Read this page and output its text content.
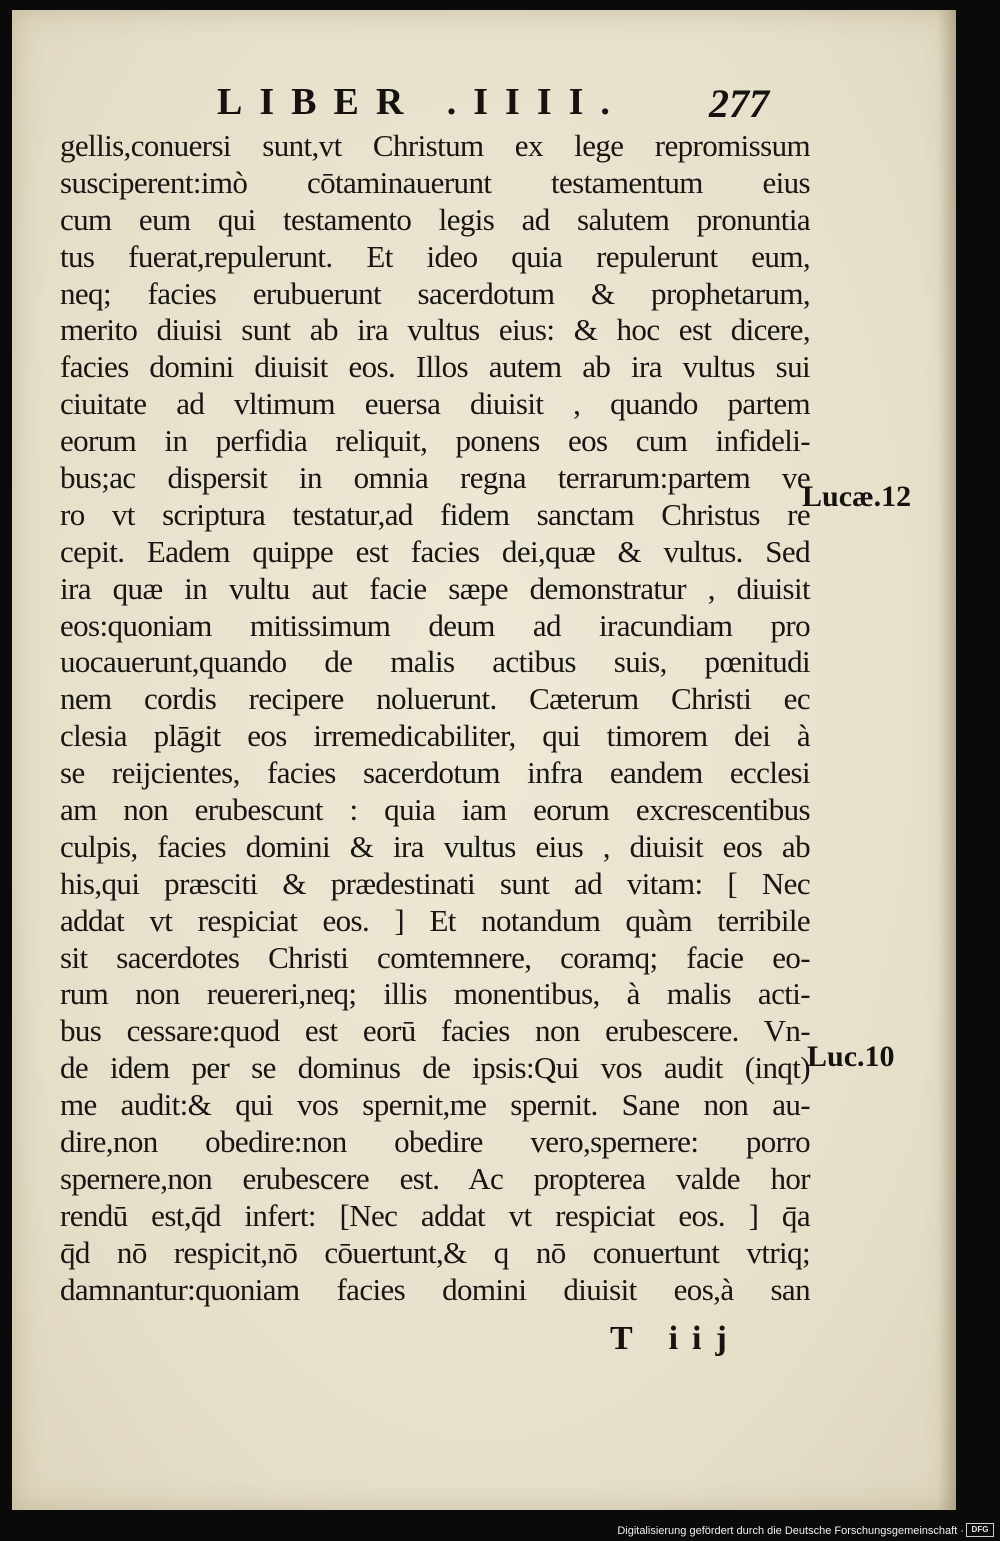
LIBER .IIII. 277
gellis,conuersi sunt,vt Christum ex lege repromissum
susciperent:imò cōtaminauerunt testamentum eius
cum eum qui testamento legis ad salutem pronuntia
tus fuerat,repulerunt. Et ideo quia repulerunt eum,
neq; facies erubuerunt sacerdotum & prophetarum,
merito diuisi sunt ab ira vultus eius: & hoc est dicere,
facies domini diuisit eos. Illos autem ab ira vultus sui
ciuitate ad vltimum euersa diuisit , quando partem
eorum in perfidia reliquit, ponens eos cum infideli-
bus;ac dispersit in omnia regna terrarum:partem ve
ro vt scriptura testatur,ad fidem sanctam Christus re
cepit. Eadem quippe est facies dei,quæ & vultus. Sed
ira quæ in vultu aut facie sæpe demonstratur , diuisit
eos:quoniam mitissimum deum ad iracundiam pro
uocauerunt,quando de malis actibus suis, pœnitudi
nem cordis recipere noluerunt. Cæterum Christi ec
clesia plāgit eos irremedicabiliter, qui timorem dei à
se reijcientes, facies sacerdotum infra eandem ecclesi
am non erubescunt : quia iam eorum excrescentibus
culpis, facies domini & ira vultus eius , diuisit eos ab
his,qui præsciti & prædestinati sunt ad vitam: [ Nec
addat vt respiciat eos. ] Et notandum quàm terribile
sit sacerdotes Christi comtemnere, coramq; facie eo-
rum non reuereri,neq; illis monentibus, à malis acti-
bus cessare:quod est eorū facies non erubescere. Vn-
de idem per se dominus de ipsis:Qui vos audit (inqt)
me audit:& qui vos spernit,me spernit. Sane non au-
dire,non obedire:non obedire vero,spernere: porro
spernere,non erubescere est. Ac propterea valde hor
rendū est,q̄d infert: [Nec addat vt respiciat eos. ] q̄a
q̄d nō respicit,nō cōuertunt,& q nō conuertunt vtriq;
damnantur:quoniam facies domini diuisit eos,à san
Lucæ.12
Luc.10
T iij
Digitalisierung gefördert durch die Deutsche Forschungsgemeinschaft · DFG
